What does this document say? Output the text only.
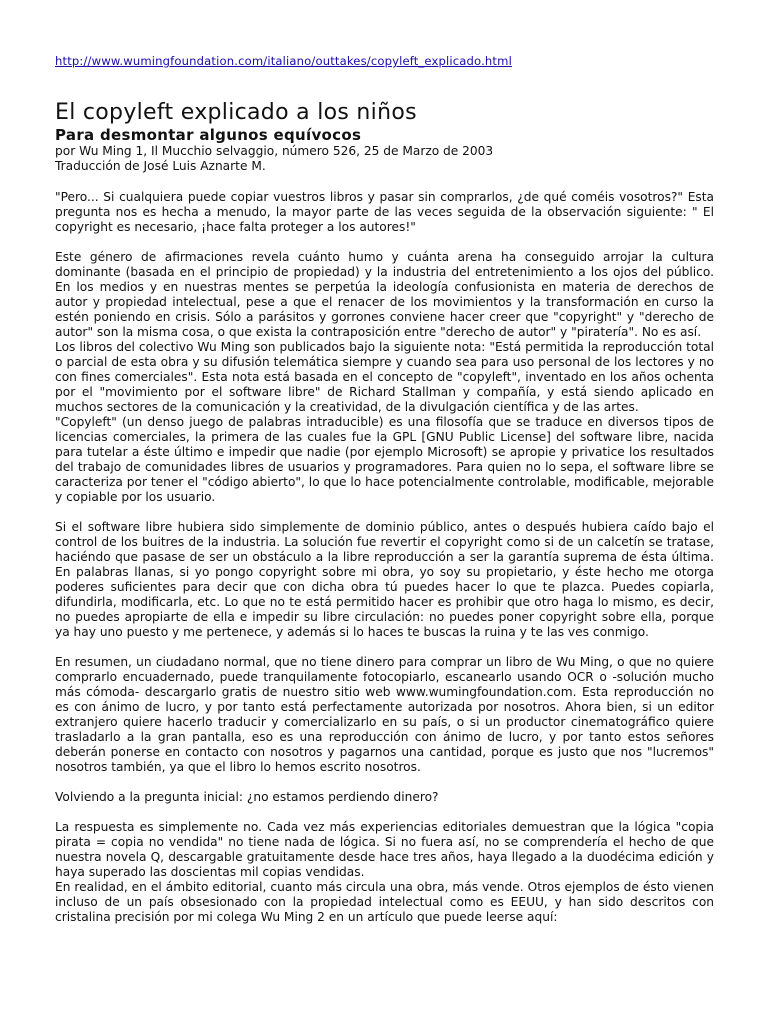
http://www.wumingfoundation.com/italiano/outtakes/copyleft_explicado.html
El copyleft explicado a los niños
Para desmontar algunos equívocos
por Wu Ming 1, Il Mucchio selvaggio, número 526, 25 de Marzo de 2003
Traducción de José Luis Aznarte M.

"Pero... Si cualquiera puede copiar vuestros libros y pasar sin comprarlos, ¿de qué coméis vosotros?" Esta pregunta nos es hecha a menudo, la mayor parte de las veces seguida de la observación siguiente: " El copyright es necesario, ¡hace falta proteger a los autores!"

Este género de afirmaciones revela cuánto humo y cuánta arena ha conseguido arrojar la cultura dominante (basada en el principio de propiedad) y la industria del entretenimiento a los ojos del público. En los medios y en nuestras mentes se perpetúa la ideología confusionista en materia de derechos de autor y propiedad intelectual, pese a que el renacer de los movimientos y la transformación en curso la estén poniendo en crisis. Sólo a parásitos y gorrones conviene hacer creer que "copyright" y "derecho de autor" son la misma cosa, o que exista la contraposición entre "derecho de autor" y "piratería". No es así.

Los libros del colectivo Wu Ming son publicados bajo la siguiente nota: "Está permitida la reproducción total o parcial de esta obra y su difusión telemática siempre y cuando sea para uso personal de los lectores y no con fines comerciales". Esta nota está basada en el concepto de "copyleft", inventado en los años ochenta por el "movimiento por el software libre" de Richard Stallman y compañía, y está siendo aplicado en muchos sectores de la comunicación y la creatividad, de la divulgación científica y de las artes.

"Copyleft" (un denso juego de palabras intraducible) es una filosofía que se traduce en diversos tipos de licencias comerciales, la primera de las cuales fue la GPL [GNU Public License] del software libre, nacida para tutelar a éste último e impedir que nadie (por ejemplo Microsoft) se apropie y privatice los resultados del trabajo de comunidades libres de usuarios y programadores. Para quien no lo sepa, el software libre se caracteriza por tener el "código abierto", lo que lo hace potencialmente controlable, modificable, mejorable y copiable por los usuario.

Si el software libre hubiera sido simplemente de dominio público, antes o después hubiera caído bajo el control de los buitres de la industria. La solución fue revertir el copyright como si de un calcetín se tratase, haciéndo que pasase de ser un obstáculo a la libre reproducción a ser la garantía suprema de ésta última. En palabras llanas, si yo pongo copyright sobre mi obra, yo soy su propietario, y éste hecho me otorga poderes suficientes para decir que con dicha obra tú puedes hacer lo que te plazca. Puedes copiarla, difundirla, modificarla, etc. Lo que no te está permitido hacer es prohibir que otro haga lo mismo, es decir, no puedes apropiarte de ella e impedir su libre circulación: no puedes poner copyright sobre ella, porque ya hay uno puesto y me pertenece, y además si lo haces te buscas la ruina y te las ves conmigo.

En resumen, un ciudadano normal, que no tiene dinero para comprar un libro de Wu Ming, o que no quiere comprarlo encuadernado, puede tranquilamente fotocopiarlo, escanearlo usando OCR o -solución mucho más cómoda- descargarlo gratis de nuestro sitio web www.wumingfoundation.com. Esta reproducción no es con ánimo de lucro, y por tanto está perfectamente autorizada por nosotros. Ahora bien, si un editor extranjero quiere hacerlo traducir y comercializarlo en su país, o si un productor cinematográfico quiere trasladarlo a la gran pantalla, eso es una reproducción con ánimo de lucro, y por tanto estos señores deberán ponerse en contacto con nosotros y pagarnos una cantidad, porque es justo que nos "lucremos" nosotros también, ya que el libro lo hemos escrito nosotros.

Volviendo a la pregunta inicial: ¿no estamos perdiendo dinero?

La respuesta es simplemente no. Cada vez más experiencias editoriales demuestran que la lógica "copia pirata = copia no vendida" no tiene nada de lógica. Si no fuera así, no se comprendería el hecho de que nuestra novela Q, descargable gratuitamente desde hace tres años, haya llegado a la duodécima edición y haya superado las doscientas mil copias vendidas.

En realidad, en el ámbito editorial, cuanto más circula una obra, más vende. Otros ejemplos de ésto vienen incluso de un país obsesionado con la propiedad intelectual como es EEUU, y han sido descritos con cristalina precisión por mi colega Wu Ming 2 en un artículo que puede leerse aquí:
